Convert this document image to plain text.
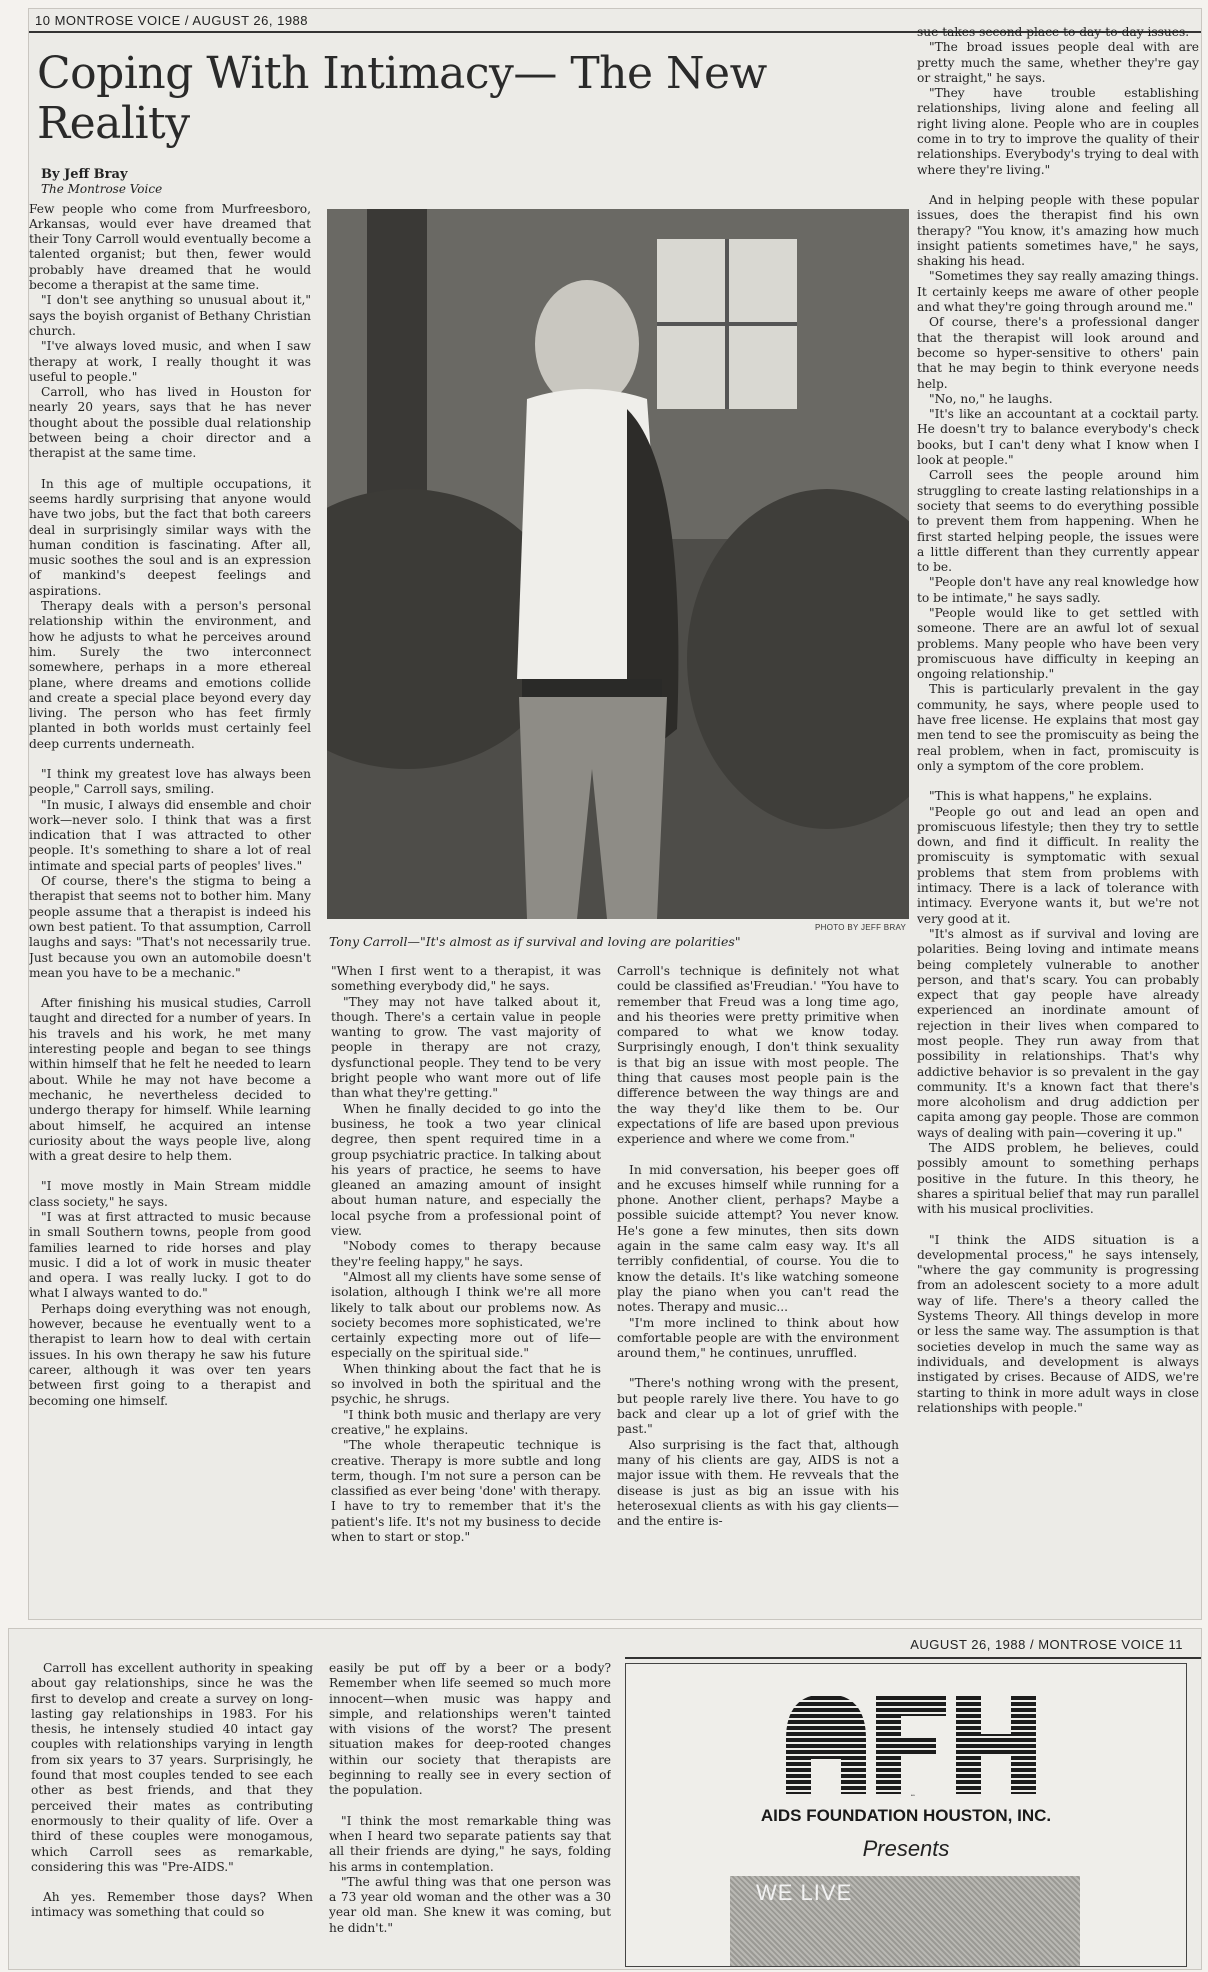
10 MONTROSE VOICE / AUGUST 26, 1988
Coping With Intimacy— The New Reality

By Jeff Bray

The Montrose Voice

Few people who come from Murfreesboro, Arkansas, would ever have dreamed that their Tony Carroll would eventually become a talented organist; but then, fewer would probably have dreamed that he would become a therapist at the same time.

"I don't see anything so unusual about it," says the boyish organist of Bethany Christian church.

"I've always loved music, and when I saw therapy at work, I really thought it was useful to people."

Carroll, who has lived in Houston for nearly 20 years, says that he has never thought about the possible dual relationship between being a choir director and a therapist at the same time.

In this age of multiple occupations, it seems hardly surprising that anyone would have two jobs, but the fact that both careers deal in surprisingly similar ways with the human condition is fascinating. After all, music soothes the soul and is an expression of mankind's deepest feelings and aspirations.

Therapy deals with a person's personal relationship within the environment, and how he adjusts to what he perceives around him. Surely the two interconnect somewhere, perhaps in a more ethereal plane, where dreams and emotions collide and create a special place beyond every day living. The person who has feet firmly planted in both worlds must certainly feel deep currents underneath.

"I think my greatest love has always been people," Carroll says, smiling.

"In music, I always did ensemble and choir work—never solo. I think that was a first indication that I was attracted to other people. It's something to share a lot of real intimate and special parts of peoples' lives."

Of course, there's the stigma to being a therapist that seems not to bother him. Many people assume that a therapist is indeed his own best patient. To that assumption, Carroll laughs and says: "That's not necessarily true. Just because you own an automobile doesn't mean you have to be a mechanic."

After finishing his musical studies, Carroll taught and directed for a number of years. In his travels and his work, he met many interesting people and began to see things within himself that he felt he needed to learn about. While he may not have become a mechanic, he nevertheless decided to undergo therapy for himself. While learning about himself, he acquired an intense curiosity about the ways people live, along with a great desire to help them.

"I move mostly in Main Stream middle class society," he says.

"I was at first attracted to music because in small Southern towns, people from good families learned to ride horses and play music. I did a lot of work in music theater and opera. I was really lucky. I got to do what I always wanted to do."

Perhaps doing everything was not enough, however, because he eventually went to a therapist to learn how to deal with certain issues. In his own therapy he saw his future career, although it was over ten years between first going to a therapist and becoming one himself.

PHOTO BY JEFF BRAY
Tony Carroll—"It's almost as if survival and loving are polarities"

"When I first went to a therapist, it was something everybody did," he says.

"They may not have talked about it, though. There's a certain value in people wanting to grow. The vast majority of people in therapy are not crazy, dysfunctional people. They tend to be very bright people who want more out of life than what they're getting."

When he finally decided to go into the business, he took a two year clinical degree, then spent required time in a group psychiatric practice. In talking about his years of practice, he seems to have gleaned an amazing amount of insight about human nature, and especially the local psyche from a professional point of view.

"Nobody comes to therapy because they're feeling happy," he says.

"Almost all my clients have some sense of isolation, although I think we're all more likely to talk about our problems now. As society becomes more sophisticated, we're certainly expecting more out of life—especially on the spiritual side."

When thinking about the fact that he is so involved in both the spiritual and the psychic, he shrugs.

"I think both music and therlapy are very creative," he explains.

"The whole therapeutic technique is creative. Therapy is more subtle and long term, though. I'm not sure a person can be classified as ever being 'done' with therapy. I have to try to remember that it's the patient's life. It's not my business to decide when to start or stop."

Carroll's technique is definitely not what could be classified as'Freudian.' "You have to remember that Freud was a long time ago, and his theories were pretty primitive when compared to what we know today. Surprisingly enough, I don't think sexuality is that big an issue with most people. The thing that causes most people pain is the difference between the way things are and the way they'd like them to be. Our expectations of life are based upon previous experience and where we come from."

In mid conversation, his beeper goes off and he excuses himself while running for a phone. Another client, perhaps? Maybe a possible suicide attempt? You never know. He's gone a few minutes, then sits down again in the same calm easy way. It's all terribly confidential, of course. You die to know the details. It's like watching someone play the piano when you can't read the notes. Therapy and music...

"I'm more inclined to think about how comfortable people are with the environment around them," he continues, unruffled.

"There's nothing wrong with the present, but people rarely live there. You have to go back and clear up a lot of grief with the past."

Also surprising is the fact that, although many of his clients are gay, AIDS is not a major issue with them. He revveals that the disease is just as big an issue with his heterosexual clients as with his gay clients—and the entire is-

sue takes second place to day-to-day issues.

"The broad issues people deal with are pretty much the same, whether they're gay or straight," he says.

"They have trouble establishing relationships, living alone and feeling all right living alone. People who are in couples come in to try to improve the quality of their relationships. Everybody's trying to deal with where they're living."

And in helping people with these popular issues, does the therapist find his own therapy? "You know, it's amazing how much insight patients sometimes have," he says, shaking his head.

"Sometimes they say really amazing things. It certainly keeps me aware of other people and what they're going through around me."

Of course, there's a professional danger that the therapist will look around and become so hyper-sensitive to others' pain that he may begin to think everyone needs help.

"No, no," he laughs.

"It's like an accountant at a cocktail party. He doesn't try to balance everybody's check books, but I can't deny what I know when I look at people."

Carroll sees the people around him struggling to create lasting relationships in a society that seems to do everything possible to prevent them from happening. When he first started helping people, the issues were a little different than they currently appear to be.

"People don't have any real knowledge how to be intimate," he says sadly.

"People would like to get settled with someone. There are an awful lot of sexual problems. Many people who have been very promiscuous have difficulty in keeping an ongoing relationship."

This is particularly prevalent in the gay community, he says, where people used to have free license. He explains that most gay men tend to see the promiscuity as being the real problem, when in fact, promiscuity is only a symptom of the core problem.

"This is what happens," he explains.

"People go out and lead an open and promiscuous lifestyle; then they try to settle down, and find it difficult. In reality the promiscuity is symptomatic with sexual problems that stem from problems with intimacy. There is a lack of tolerance with intimacy. Everyone wants it, but we're not very good at it.

"It's almost as if survival and loving are polarities. Being loving and intimate means being completely vulnerable to another person, and that's scary. You can probably expect that gay people have already experienced an inordinate amount of rejection in their lives when compared to most people. They run away from that possibility in relationships. That's why addictive behavior is so prevalent in the gay community. It's a known fact that there's more alcoholism and drug addiction per capita among gay people. Those are common ways of dealing with pain—covering it up."

The AIDS problem, he believes, could possibly amount to something perhaps positive in the future. In this theory, he shares a spiritual belief that may run parallel with his musical proclivities.

"I think the AIDS situation is a developmental process," he says intensely, "where the gay community is progressing from an adolescent society to a more adult way of life. There's a theory called the Systems Theory. All things develop in more or less the same way. The assumption is that societies develop in much the same way as individuals, and development is always instigated by crises. Because of AIDS, we're starting to think in more adult ways in close relationships with people."

AUGUST 26, 1988 / MONTROSE VOICE 11

Carroll has excellent authority in speaking about gay relationships, since he was the first to develop and create a survey on long-lasting gay relationships in 1983. For his thesis, he intensely studied 40 intact gay couples with relationships varying in length from six years to 37 years. Surprisingly, he found that most couples tended to see each other as best friends, and that they perceived their mates as contributing enormously to their quality of life. Over a third of these couples were monogamous, which Carroll sees as remarkable, considering this was "Pre-AIDS."

Ah yes. Remember those days? When intimacy was something that could so

easily be put off by a beer or a body? Remember when life seemed so much more innocent—when music was happy and simple, and relationships weren't tainted with visions of the worst? The present situation makes for deep-rooted changes within our society that therapists are beginning to really see in every section of the population.

"I think the most remarkable thing was when I heard two separate patients say that all their friends are dying," he says, folding his arms in contemplation.

"The awful thing was that one person was a 73 year old woman and the other was a 30 year old man. She knew it was coming, but he didn't."

AFH
AIDS FOUNDATION HOUSTON, INC.
Presents
WE LIVE
